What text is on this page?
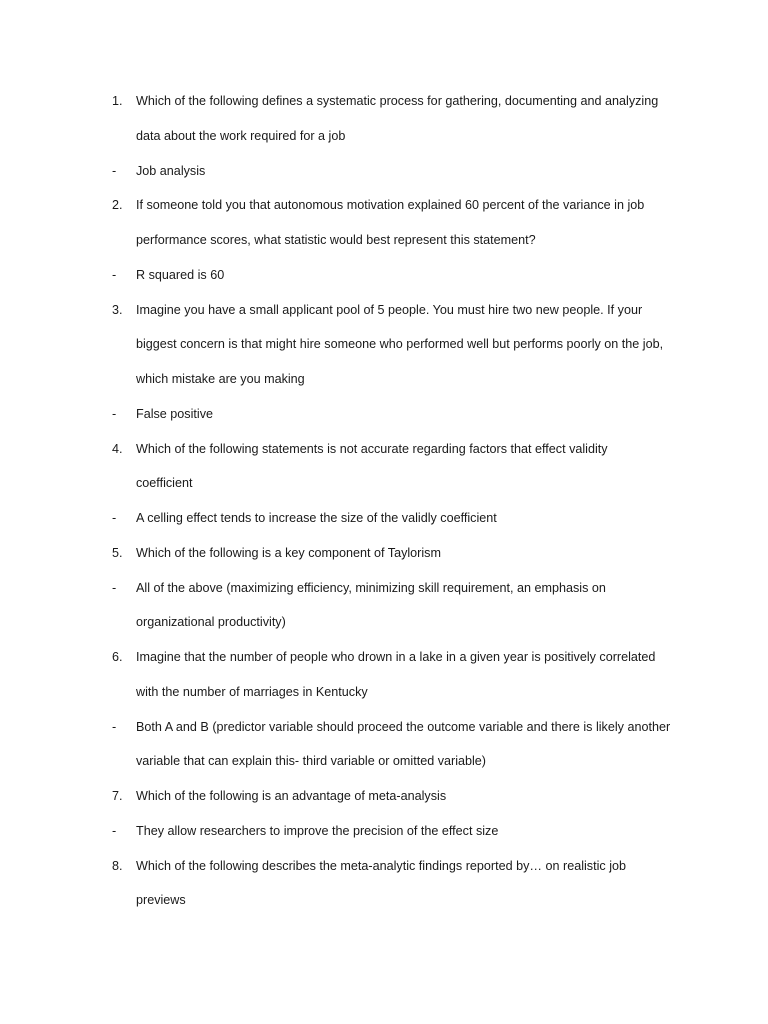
1. Which of the following defines a systematic process for gathering, documenting and analyzing
data about the work required for a job
- Job analysis
2. If someone told you that autonomous motivation explained 60 percent of the variance in job
performance scores, what statistic would best represent this statement?
- R squared is 60
3. Imagine you have a small applicant pool of 5 people. You must hire two new people. If your
biggest concern is that might hire someone who performed well but performs poorly on the job,
which mistake are you making
- False positive
4. Which of the following statements is not accurate regarding factors that effect validity
coefficient
- A celling effect tends to increase the size of the validly coefficient
5. Which of the following is a key component of Taylorism
- All of the above (maximizing efficiency, minimizing skill requirement, an emphasis on
organizational productivity)
6. Imagine that the number of people who drown in a lake in a given year is positively correlated
with the number of marriages in Kentucky
- Both A and B (predictor variable should proceed the outcome variable and there is likely another
variable that can explain this- third variable or omitted variable)
7. Which of the following is an advantage of meta-analysis
- They allow researchers to improve the precision of the effect size
8. Which of the following describes the meta-analytic findings reported by… on realistic job
previews
